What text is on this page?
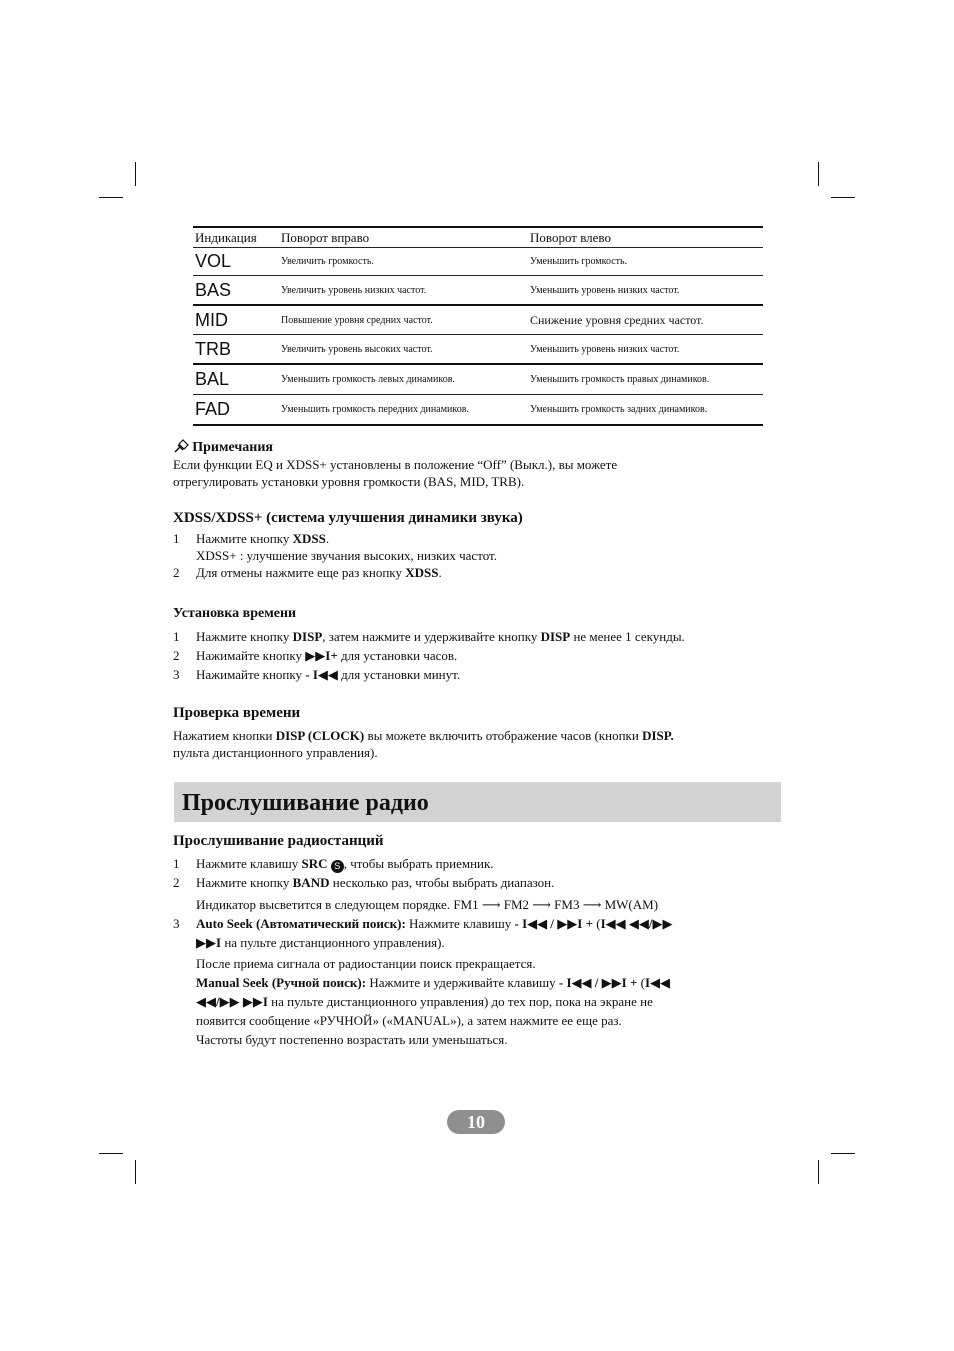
Индикация	Поворот вправо	Поворот влево
VOL	Увеличить громкость.	Уменьшить громкость.
BAS	Увеличить уровень низких частот.	Уменьшить уровень низких частот.
MID	Повышение уровня средних частот.	Снижение уровня средних частот.
TRB	Увеличить уровень высоких частот.	Уменьшить уровень низких частот.
BAL	Уменьшить громкость левых динамиков.	Уменьшить громкость правых динамиков.
FAD	Уменьшить громкость передних динамиков.	Уменьшить громкость задних динамиков.
Примечания
Если функции EQ и XDSS+ установлены в положение “Off” (Выкл.), вы можете
отрегулировать установки уровня громкости (BAS, MID, TRB).
XDSS/XDSS+ (система улучшения динамики звука)
1	Нажмите кнопку XDSS.
XDSS+ : улучшение звучания высоких, низких частот.
2	Для отмены нажмите еще раз кнопку XDSS.
Установка времени
1	Нажмите кнопку DISP, затем нажмите и удерживайте кнопку DISP не менее 1 секунды.
2	Нажимайте кнопку ▶▶I+ для установки часов.
3	Нажимайте кнопку - I◀◀ для установки минут.
Проверка времени
Нажатием кнопки DISP (CLOCK) вы можете включить отображение часов (кнопки DISP.
пульта дистанционного управления).
Прослушивание радио
Прослушивание радиостанций
1	Нажмите клавишу SRC S , чтобы выбрать приемник.
2	Нажмите кнопку BAND несколько раз, чтобы выбрать диапазон.
Индикатор высветится в следующем порядке. FM1 ⟶ FM2 ⟶ FM3 ⟶ MW(AM)
3	Auto Seek (Автоматический поиск): Нажмите клавишу - I◀◀ / ▶▶I + (I◀◀ ◀◀/▶▶
▶▶I на пульте дистанционного управления).
После приема сигнала от радиостанции поиск прекращается.
Manual Seek (Ручной поиск): Нажмите и удерживайте клавишу - I◀◀ / ▶▶I + (I◀◀
◀◀/▶▶ ▶▶I на пульте дистанционного управления) до тех пор, пока на экране не
появится сообщение «РУЧНОЙ» («MANUAL»), а затем нажмите ее еще раз.
Частоты будут постепенно возрастать или уменьшаться.
10
